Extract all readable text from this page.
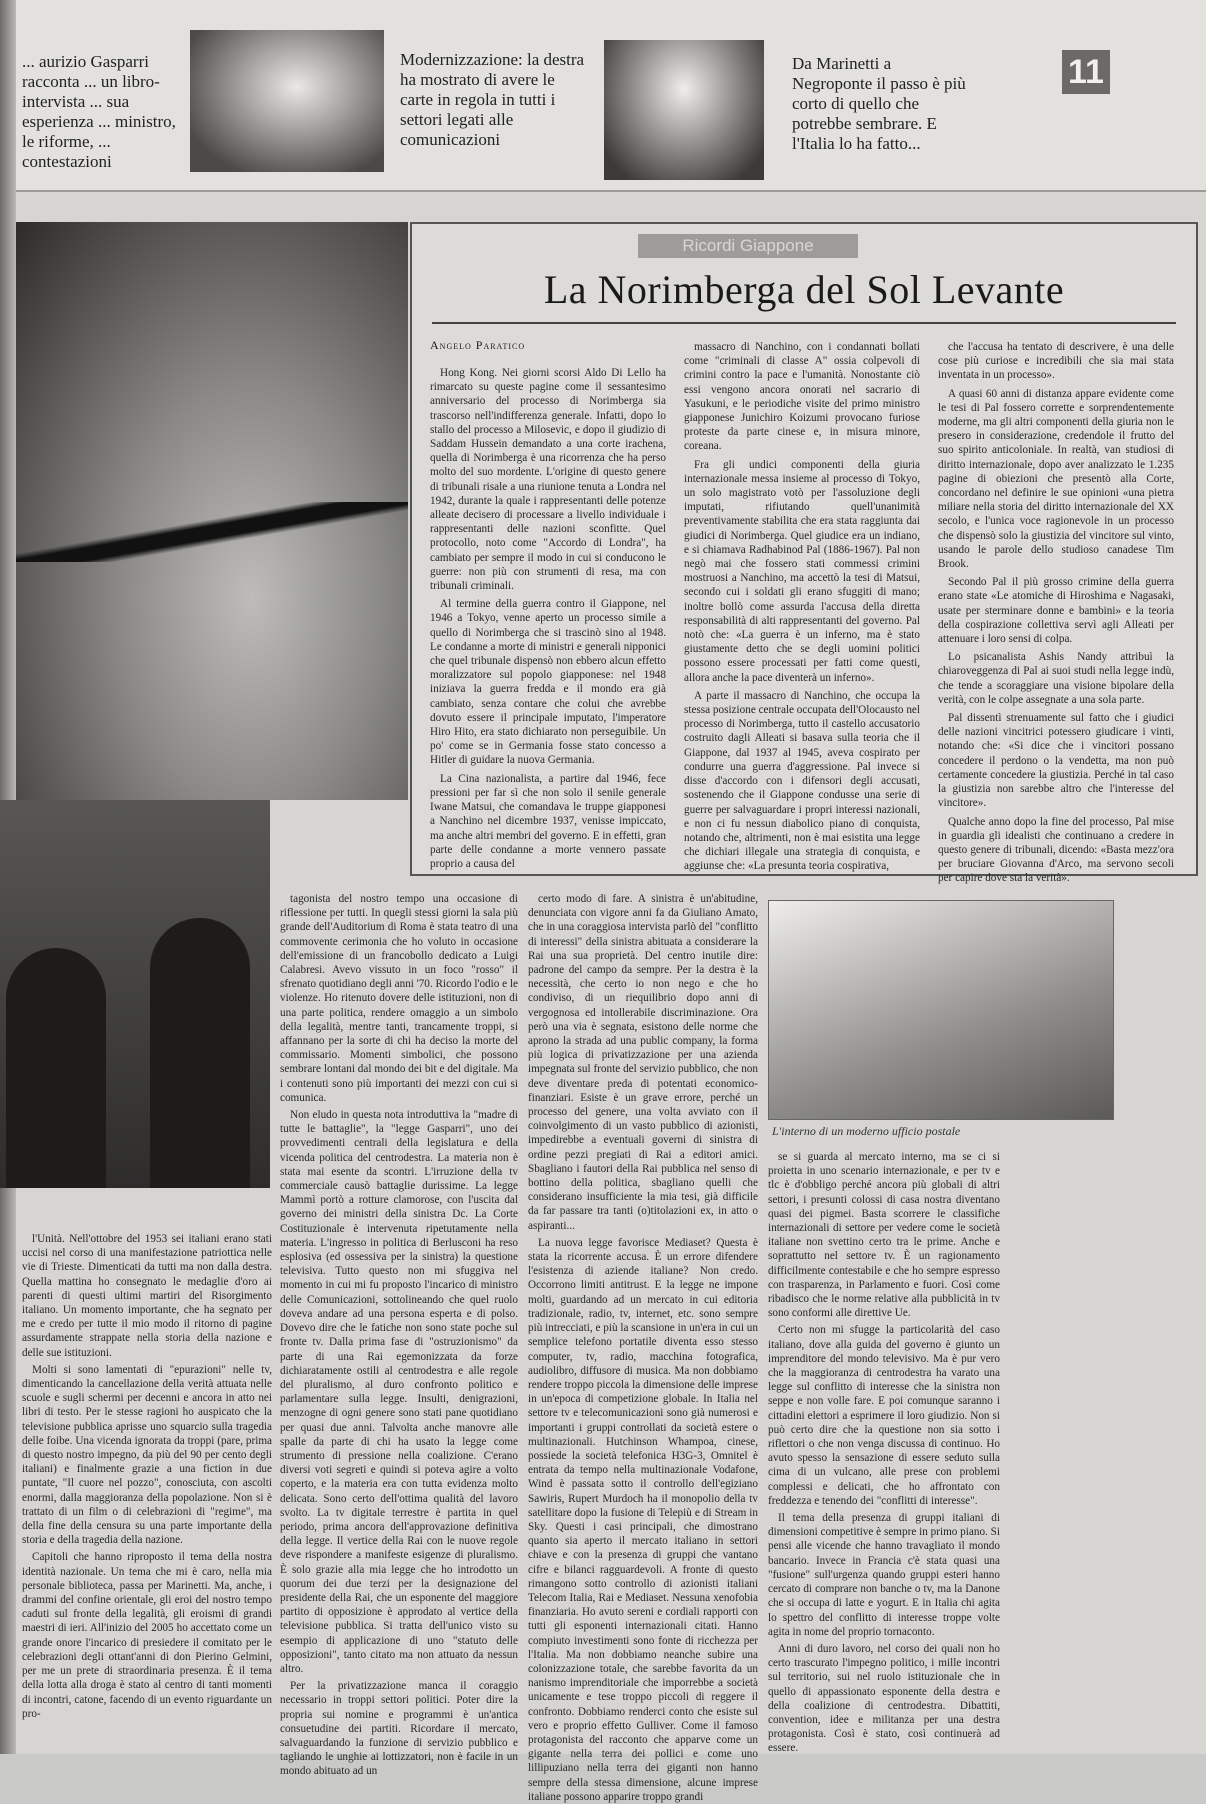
... aurizio Gasparri racconta ... un libro-intervista ... sua esperienza ... ministro, le riforme, ... contestazioni
Modernizzazione: la destra ha mostrato di avere le carte in regola in tutti i settori legati alle comunicazioni
Da Marinetti a Negroponte il passo è più corto di quello che potrebbe sembrare. E l'Italia lo ha fatto...
11
Ricordi Giappone
La Norimberga del Sol Levante
Angelo Paratico

Hong Kong. Nei giorni scorsi Aldo Di Lello ha rimarcato su queste pagine come il sessantesimo anniversario del processo di Norimberga sia trascorso nell'indifferenza generale. Infatti, dopo lo stallo del processo a Milosevic, e dopo il giudizio di Saddam Hussein demandato a una corte irachena, quella di Norimberga è una ricorrenza che ha perso molto del suo mordente. L'origine di questo genere di tribunali risale a una riunione tenuta a Londra nel 1942, durante la quale i rappresentanti delle potenze alleate decisero di processare a livello individuale i rappresentanti delle nazioni sconfitte. Quel protocollo, noto come "Accordo di Londra", ha cambiato per sempre il modo in cui si conducono le guerre: non più con strumenti di resa, ma con tribunali criminali.

Al termine della guerra contro il Giappone, nel 1946 a Tokyo, venne aperto un processo simile a quello di Norimberga che si trascinò sino al 1948. Le condanne a morte di ministri e generali nipponici che quel tribunale dispensò non ebbero alcun effetto moralizzatore sul popolo giapponese: nel 1948 iniziava la guerra fredda e il mondo era già cambiato, senza contare che colui che avrebbe dovuto essere il principale imputato, l'imperatore Hiro Hito, era stato dichiarato non perseguibile. Un po' come se in Germania fosse stato concesso a Hitler di guidare la nuova Germania.

La Cina nazionalista, a partire dal 1946, fece pressioni per far sì che non solo il senile generale Iwane Matsui, che comandava le truppe giapponesi a Nanchino nel dicembre 1937, venisse impiccato, ma anche altri membri del governo. E in effetti, gran parte delle condanne a morte vennero passate proprio a causa del

massacro di Nanchino, con i condannati bollati come "criminali di classe A" ossia colpevoli di crimini contro la pace e l'umanità. Nonostante ciò essi vengono ancora onorati nel sacrario di Yasukuni, e le periodiche visite del primo ministro giapponese Junichiro Koizumi provocano furiose proteste da parte cinese e, in misura minore, coreana.

Fra gli undici componenti della giuria internazionale messa insieme al processo di Tokyo, un solo magistrato votò per l'assoluzione degli imputati, rifiutando quell'unanimità preventivamente stabilita che era stata raggiunta dai giudici di Norimberga. Quel giudice era un indiano, e si chiamava Radhabinod Pal (1886-1967). Pal non negò mai che fossero stati commessi crimini mostruosi a Nanchino, ma accettò la tesi di Matsui, secondo cui i soldati gli erano sfuggiti di mano; inoltre bollò come assurda l'accusa della diretta responsabilità di alti rappresentanti del governo. Pal notò che: «La guerra è un inferno, ma è stato giustamente detto che se degli uomini politici possono essere processati per fatti come questi, allora anche la pace diventerà un inferno».

A parte il massacro di Nanchino, che occupa la stessa posizione centrale occupata dell'Olocausto nel processo di Norimberga, tutto il castello accusatorio costruito dagli Alleati si basava sulla teoria che il Giappone, dal 1937 al 1945, aveva cospirato per condurre una guerra d'aggressione. Pal invece si disse d'accordo con i difensori degli accusati, sostenendo che il Giappone condusse una serie di guerre per salvaguardare i propri interessi nazionali, e non ci fu nessun diabolico piano di conquista, notando che, altrimenti, non è mai esistita una legge che dichiari illegale una strategia di conquista, e aggiunse che: «La presunta teoria cospirativa,

che l'accusa ha tentato di descrivere, è una delle cose più curiose e incredibili che sia mai stata inventata in un processo».

A quasi 60 anni di distanza appare evidente come le tesi di Pal fossero corrette e sorprendentemente moderne, ma gli altri componenti della giuria non le presero in considerazione, credendole il frutto del suo spirito anticoloniale. In realtà, van studiosi di diritto internazionale, dopo aver analizzato le 1.235 pagine di obiezioni che presentò alla Corte, concordano nel definire le sue opinioni «una pietra miliare nella storia del diritto internazionale del XX secolo, e l'unica voce ragionevole in un processo che dispensò solo la giustizia del vincitore sul vinto, usando le parole dello studioso canadese Tim Brook.

Secondo Pal il più grosso crimine della guerra erano state «Le atomiche di Hiroshima e Nagasaki, usate per sterminare donne e bambini» e la teoria della cospirazione collettiva servì agli Alleati per attenuare i loro sensi di colpa.

Lo psicanalista Ashis Nandy attribuì la chiaroveggenza di Pal ai suoi studi nella legge indù, che tende a scoraggiare una visione bipolare della verità, con le colpe assegnate a una sola parte.

Pal dissentì strenuamente sul fatto che i giudici delle nazioni vincitrici potessero giudicare i vinti, notando che: «Si dice che i vincitori possano concedere il perdono o la vendetta, ma non può certamente concedere la giustizia. Perché in tal caso la giustizia non sarebbe altro che l'interesse del vincitore».

Qualche anno dopo la fine del processo, Pal mise in guardia gli idealisti che continuano a credere in questo genere di tribunali, dicendo: «Basta mezz'ora per bruciare Giovanna d'Arco, ma servono secoli per capire dove sta la verità».

l'Unità. Nell'ottobre del 1953 sei italiani erano stati uccisi nel corso di una manifestazione patriottica nelle vie di Trieste. Dimenticati da tutti ma non dalla destra. Quella mattina ho consegnato le medaglie d'oro ai parenti di questi ultimi martiri del Risorgimento italiano. Un momento importante, che ha segnato per me e credo per tutte il mio modo il ritorno di pagine assurdamente strappate nella storia della nazione e delle sue istituzioni.

Molti si sono lamentati di "epurazioni" nelle tv, dimenticando la cancellazione della verità attuata nelle scuole e sugli schermi per decenni e ancora in atto nei libri di testo. Per le stesse ragioni ho auspicato che la televisione pubblica aprisse uno squarcio sulla tragedia delle foibe. Una vicenda ignorata da troppi (pare, prima di questo nostro impegno, da più del 90 per cento degli italiani) e finalmente grazie a una fiction in due puntate, "Il cuore nel pozzo", conosciuta, con ascolti enormi, dalla maggioranza della popolazione. Non si è trattato di un film o di celebrazioni di "regime", ma della fine della censura su una parte importante della storia e della tragedia della nazione.

Capitoli che hanno riproposto il tema della nostra identità nazionale. Un tema che mi è caro, nella mia personale biblioteca, passa per Marinetti. Ma, anche, i drammi del confine orientale, gli eroi del nostro tempo caduti sul fronte della legalità, gli eroismi di grandi maestri di ieri. All'inizio del 2005 ho accettato come un grande onore l'incarico di presiedere il comitato per le celebrazioni degli ottant'anni di don Pierino Gelmini, per me un prete di straordinaria presenza. È il tema della lotta alla droga è stato al centro di tanti momenti di incontri, catone, facendo di un evento riguardante un pro-

tagonista del nostro tempo una occasione di riflessione per tutti. In quegli stessi giorni la sala più grande dell'Auditorium di Roma è stata teatro di una commovente cerimonia che ho voluto in occasione dell'emissione di un francobollo dedicato a Luigi Calabresi. Avevo vissuto in un foco "rosso" il sfrenato quotidiano degli anni '70. Ricordo l'odio e le violenze. Ho ritenuto dovere delle istituzioni, non di una parte politica, rendere omaggio a un simbolo della legalità, mentre tanti, trancamente troppi, si affannano per la sorte di chi ha deciso la morte del commissario. Momenti simbolici, che possono sembrare lontani dal mondo dei bit e del digitale. Ma i contenuti sono più importanti dei mezzi con cui si comunica.

Non eludo in questa nota introduttiva la "madre di tutte le battaglie", la "legge Gasparri", uno dei provvedimenti centrali della legislatura e della vicenda politica del centrodestra. La materia non è stata mai esente da scontri. L'irruzione della tv commerciale causò battaglie durissime. La legge Mammì portò a rotture clamorose, con l'uscita dal governo dei ministri della sinistra Dc. La Corte Costituzionale è intervenuta ripetutamente nella materia. L'ingresso in politica di Berlusconi ha reso esplosiva (ed ossessiva per la sinistra) la questione televisiva. Tutto questo non mi sfuggiva nel momento in cui mi fu proposto l'incarico di ministro delle Comunicazioni, sottolineando che quel ruolo doveva andare ad una persona esperta e di polso. Dovevo dire che le fatiche non sono state poche sul fronte tv. Dalla prima fase di "ostruzionismo" da parte di una Rai egemonizzata da forze dichiaratamente ostili al centrodestra e alle regole del pluralismo, al duro confronto politico e parlamentare sulla legge. Insulti, denigrazioni, menzogne di ogni genere sono stati pane quotidiano per quasi due anni. Talvolta anche manovre alle spalle da parte di chi ha usato la legge come strumento di pressione nella coalizione. C'erano diversi voti segreti e quindi si poteva agire a volto coperto, e la materia era con tutta evidenza molto delicata. Sono certo dell'ottima qualità del lavoro svolto. La tv digitale terrestre è partita in quel periodo, prima ancora dell'approvazione definitiva della legge. Il vertice della Rai con le nuove regole deve rispondere a manifeste esigenze di pluralismo. È solo grazie alla mia legge che ho introdotto un quorum dei due terzi per la designazione del presidente della Rai, che un esponente del maggiore partito di opposizione è approdato al vertice della televisione pubblica. Si tratta dell'unico visto su esempio di applicazione di uno "statuto delle opposizioni", tanto citato ma non attuato da nessun altro.

Per la privatizzazione manca il coraggio necessario in troppi settori politici. Poter dire la propria sui nomine e programmi è un'antica consuetudine dei partiti. Ricordare il mercato, salvaguardando la funzione di servizio pubblico e tagliando le unghie ai lottizzatori, non è facile in un mondo abituato ad un

certo modo di fare. A sinistra è un'abitudine, denunciata con vigore anni fa da Giuliano Amato, che in una coraggiosa intervista parlò del "conflitto di interessi" della sinistra abituata a considerare la Rai una sua proprietà. Del centro inutile dire: padrone del campo da sempre. Per la destra è la necessità, che certo io non nego e che ho condiviso, di un riequilibrio dopo anni di vergognosa ed intollerabile discriminazione. Ora però una via è segnata, esistono delle norme che aprono la strada ad una public company, la forma più logica di privatizzazione per una azienda impegnata sul fronte del servizio pubblico, che non deve diventare preda di potentati economico-finanziari. Esiste è un grave errore, perché un processo del genere, una volta avviato con il coinvolgimento di un vasto pubblico di azionisti, impedirebbe a eventuali governi di sinistra di ordine pezzi pregiati di Rai a editori amici. Sbagliano i fautori della Rai pubblica nel senso di bottino della politica, sbagliano quelli che considerano insufficiente la mia tesi, già difficile da far passare tra tanti (o)titolazioni ex, in atto o aspiranti...

La nuova legge favorisce Mediaset? Questa è stata la ricorrente accusa. È un errore difendere l'esistenza di aziende italiane? Non credo. Occorrono limiti antitrust. E la legge ne impone molti, guardando ad un mercato in cui editoria tradizionale, radio, tv, internet, etc. sono sempre più intrecciati, e più la scansione in un'era in cui un semplice telefono portatile diventa esso stesso computer, tv, radio, macchina fotografica, audiolibro, diffusore di musica. Ma non dobbiamo rendere troppo piccola la dimensione delle imprese in un'epoca di competizione globale. In Italia nel settore tv e telecomunicazioni sono già numerosi e importanti i gruppi controllati da società estere o multinazionali. Hutchinson Whampoa, cinese, possiede la società telefonica H3G-3, Omnitel è entrata da tempo nella multinazionale Vodafone, Wind è passata sotto il controllo dell'egiziano Sawiris, Rupert Murdoch ha il monopolio della tv satellitare dopo la fusione di Telepiù e di Stream in Sky. Questi i casi principali, che dimostrano quanto sia aperto il mercato italiano in settori chiave e con la presenza di gruppi che vantano cifre e bilanci ragguardevoli. A fronte di questo rimangono sotto controllo di azionisti italiani Telecom Italia, Rai e Mediaset. Nessuna xenofobia finanziaria. Ho avuto sereni e cordiali rapporti con tutti gli esponenti internazionali citati. Hanno compiuto investimenti sono fonte di ricchezza per l'Italia. Ma non dobbiamo neanche subire una colonizzazione totale, che sarebbe favorita da un nanismo imprenditoriale che imporrebbe a società unicamente e tese troppo piccoli di reggere il confronto. Dobbiamo renderci conto che esiste sul vero e proprio effetto Gulliver. Come il famoso protagonista del racconto che apparve come un gigante nella terra dei pollici e come uno lillipuziano nella terra dei giganti non hanno sempre della stessa dimensione, alcune imprese italiane possono apparire troppo grandi

L'interno di un moderno ufficio postale

se si guarda al mercato interno, ma se ci si proietta in uno scenario internazionale, e per tv e tlc è d'obbligo perché ancora più globali di altri settori, i presunti colossi di casa nostra diventano quasi dei pigmei. Basta scorrere le classifiche internazionali di settore per vedere come le società italiane non svettino certo tra le prime. Anche e soprattutto nel settore tv. È un ragionamento difficilmente contestabile e che ho sempre espresso con trasparenza, in Parlamento e fuori. Così come ribadisco che le norme relative alla pubblicità in tv sono conformi alle direttive Ue.

Certo non mi sfugge la particolarità del caso italiano, dove alla guida del governo è giunto un imprenditore del mondo televisivo. Ma è pur vero che la maggioranza di centrodestra ha varato una legge sul conflitto di interesse che la sinistra non seppe e non volle fare. E poi comunque saranno i cittadini elettori a esprimere il loro giudizio. Non si può certo dire che la questione non sia sotto i riflettori o che non venga discussa di continuo. Ho avuto spesso la sensazione di essere seduto sulla cima di un vulcano, alle prese con problemi complessi e delicati, che ho affrontato con freddezza e tenendo dei "conflitti di interesse".

Il tema della presenza di gruppi italiani di dimensioni competitive è sempre in primo piano. Si pensi alle vicende che hanno travagliato il mondo bancario. Invece in Francia c'è stata quasi una "fusione" sull'urgenza quando gruppi esteri hanno cercato di comprare non banche o tv, ma la Danone che si occupa di latte e yogurt. E in Italia chi agita lo spettro del conflitto di interesse troppe volte agita in nome del proprio tornaconto.

Anni di duro lavoro, nel corso dei quali non ho certo trascurato l'impegno politico, i mille incontri sul territorio, sui nel ruolo istituzionale che in quello di appassionato esponente della destra e della coalizione di centrodestra. Dibattiti, convention, idee e militanza per una destra protagonista. Così è stato, così continuerà ad essere.
